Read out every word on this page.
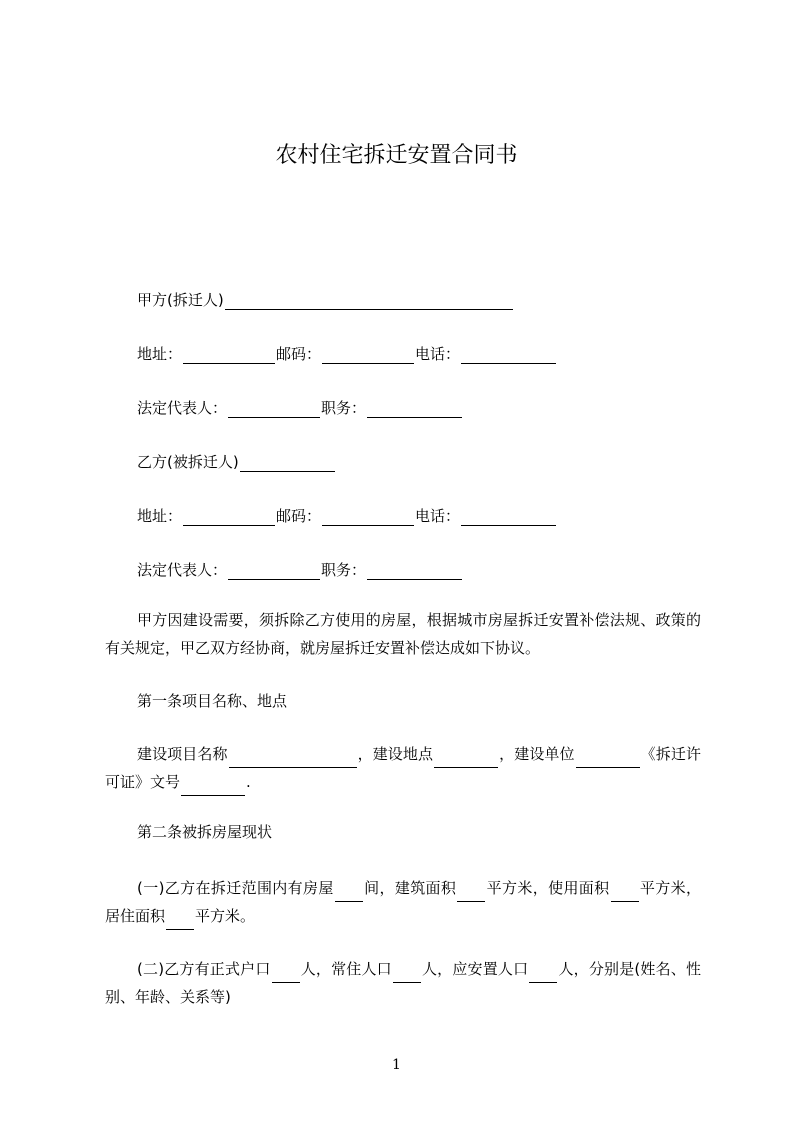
农村住宅拆迁安置合同书
甲方(拆迁人)
地址：	邮码：	电话：
法定代表人：	职务：
乙方(被拆迁人)
地址：	邮码：	电话：
法定代表人：	职务：
甲方因建设需要，须拆除乙方使用的房屋，根据城市房屋拆迁安置补偿法规、政策的有关规定，甲乙双方经协商，就房屋拆迁安置补偿达成如下协议。
第一条项目名称、地点
建设项目名称	，建设地点	，建设单位	《拆迁许可证》文号	.
第二条被拆房屋现状
(一)乙方在拆迁范围内有房屋 间，建筑面积 平方米，使用面积 平方米，居住面积 平方米。
(二)乙方有正式户口 人，常住人口 人，应安置人口 人，分别是(姓名、性别、年龄、关系等)
1
